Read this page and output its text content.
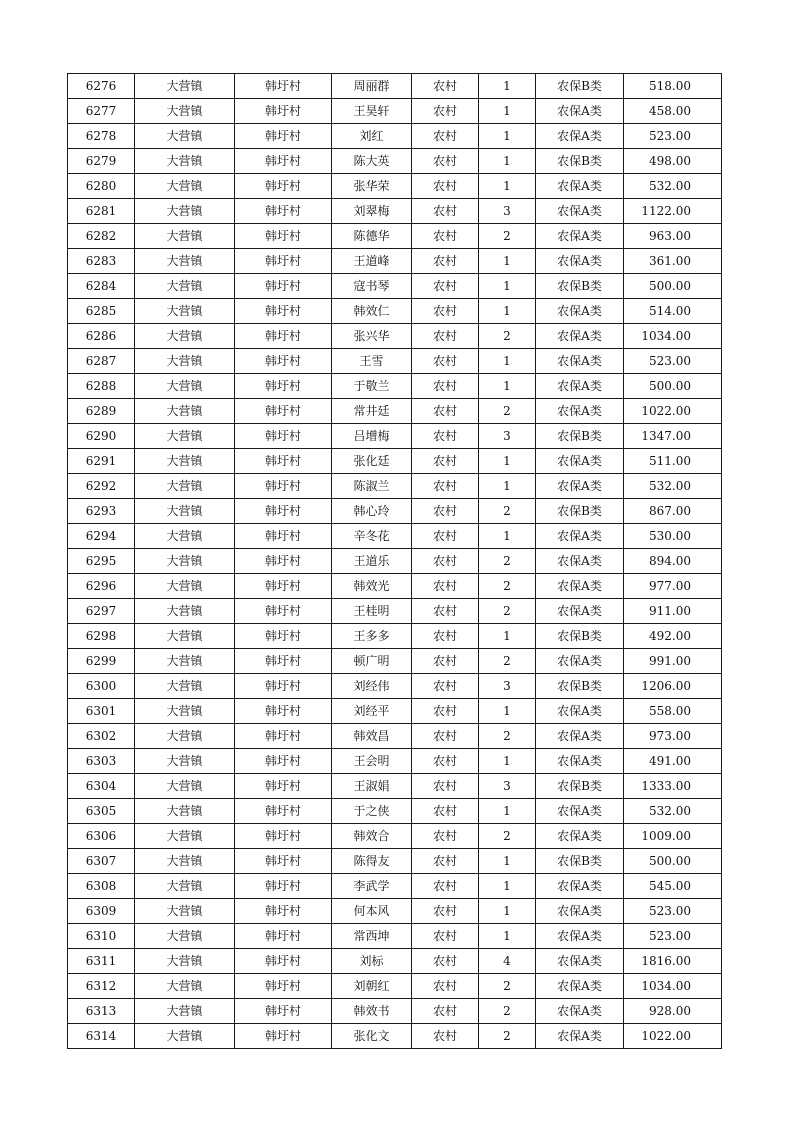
6276	大营镇	韩圩村	周丽群	农村	1	农保B类	518.00
6277	大营镇	韩圩村	王昊轩	农村	1	农保A类	458.00
6278	大营镇	韩圩村	刘红	农村	1	农保A类	523.00
6279	大营镇	韩圩村	陈大英	农村	1	农保B类	498.00
6280	大营镇	韩圩村	张华荣	农村	1	农保A类	532.00
6281	大营镇	韩圩村	刘翠梅	农村	3	农保A类	1122.00
6282	大营镇	韩圩村	陈德华	农村	2	农保A类	963.00
6283	大营镇	韩圩村	王道峰	农村	1	农保A类	361.00
6284	大营镇	韩圩村	寇书琴	农村	1	农保B类	500.00
6285	大营镇	韩圩村	韩效仁	农村	1	农保A类	514.00
6286	大营镇	韩圩村	张兴华	农村	2	农保A类	1034.00
6287	大营镇	韩圩村	王雪	农村	1	农保A类	523.00
6288	大营镇	韩圩村	于敬兰	农村	1	农保A类	500.00
6289	大营镇	韩圩村	常井廷	农村	2	农保A类	1022.00
6290	大营镇	韩圩村	吕增梅	农村	3	农保B类	1347.00
6291	大营镇	韩圩村	张化廷	农村	1	农保A类	511.00
6292	大营镇	韩圩村	陈淑兰	农村	1	农保A类	532.00
6293	大营镇	韩圩村	韩心玲	农村	2	农保B类	867.00
6294	大营镇	韩圩村	辛冬花	农村	1	农保A类	530.00
6295	大营镇	韩圩村	王道乐	农村	2	农保A类	894.00
6296	大营镇	韩圩村	韩效光	农村	2	农保A类	977.00
6297	大营镇	韩圩村	王桂明	农村	2	农保A类	911.00
6298	大营镇	韩圩村	王多多	农村	1	农保B类	492.00
6299	大营镇	韩圩村	顿广明	农村	2	农保A类	991.00
6300	大营镇	韩圩村	刘经伟	农村	3	农保B类	1206.00
6301	大营镇	韩圩村	刘经平	农村	1	农保A类	558.00
6302	大营镇	韩圩村	韩效昌	农村	2	农保A类	973.00
6303	大营镇	韩圩村	王会明	农村	1	农保A类	491.00
6304	大营镇	韩圩村	王淑娟	农村	3	农保B类	1333.00
6305	大营镇	韩圩村	于之侠	农村	1	农保A类	532.00
6306	大营镇	韩圩村	韩效合	农村	2	农保A类	1009.00
6307	大营镇	韩圩村	陈得友	农村	1	农保B类	500.00
6308	大营镇	韩圩村	李武学	农村	1	农保A类	545.00
6309	大营镇	韩圩村	何本风	农村	1	农保A类	523.00
6310	大营镇	韩圩村	常西坤	农村	1	农保A类	523.00
6311	大营镇	韩圩村	刘标	农村	4	农保A类	1816.00
6312	大营镇	韩圩村	刘朝红	农村	2	农保A类	1034.00
6313	大营镇	韩圩村	韩效书	农村	2	农保A类	928.00
6314	大营镇	韩圩村	张化文	农村	2	农保A类	1022.00
